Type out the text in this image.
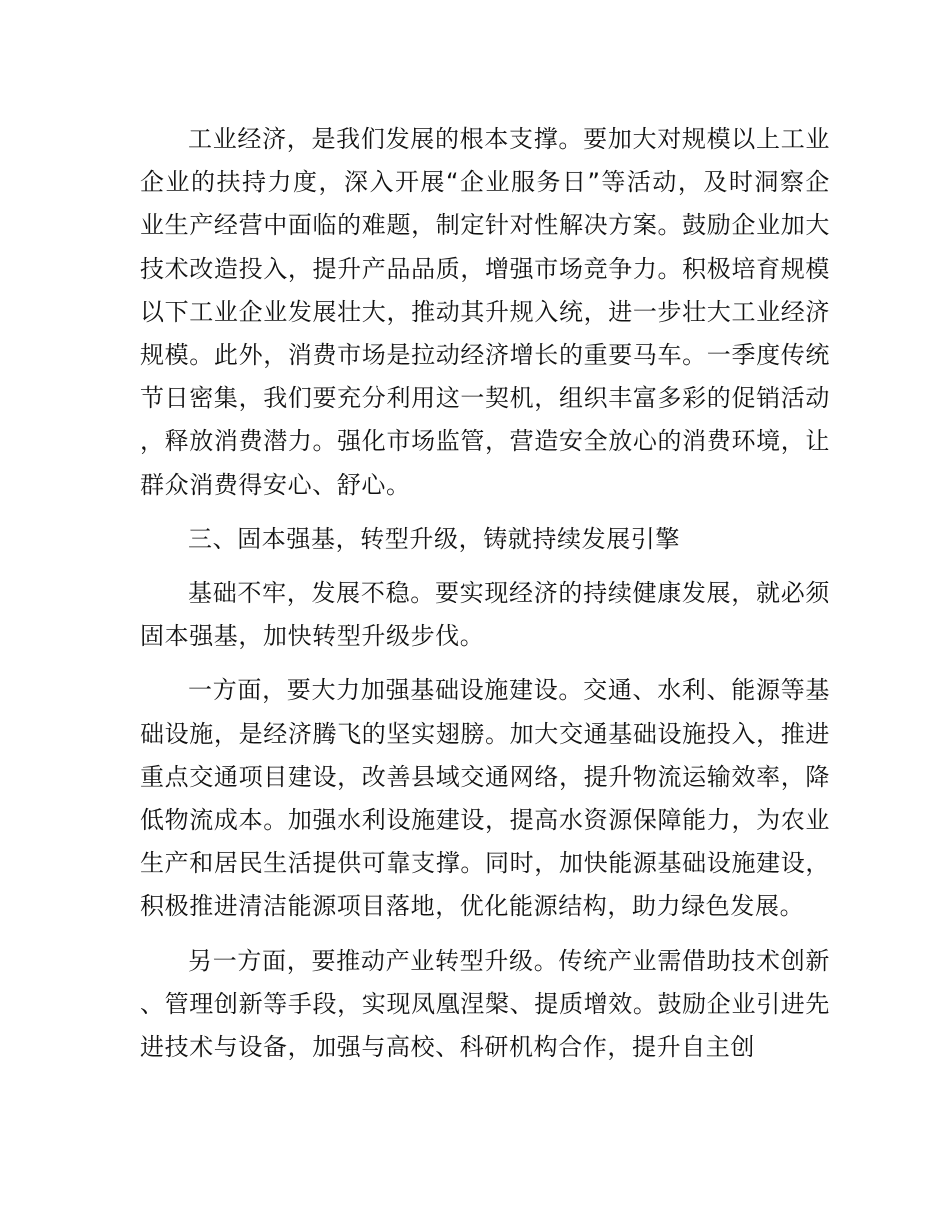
工业经济，是我们发展的根本支撑。要加大对规模以上工业企业的扶持力度，深入开展“企业服务日”等活动，及时洞察企业生产经营中面临的难题，制定针对性解决方案。鼓励企业加大技术改造投入，提升产品品质，增强市场竞争力。积极培育规模以下工业企业发展壮大，推动其升规入统，进一步壮大工业经济规模。此外，消费市场是拉动经济增长的重要马车。一季度传统节日密集，我们要充分利用这一契机，组织丰富多彩的促销活动，释放消费潜力。强化市场监管，营造安全放心的消费环境，让群众消费得安心、舒心。

三、固本强基，转型升级，铸就持续发展引擎

基础不牢，发展不稳。要实现经济的持续健康发展，就必须固本强基，加快转型升级步伐。

一方面，要大力加强基础设施建设。交通、水利、能源等基础设施，是经济腾飞的坚实翅膀。加大交通基础设施投入，推进重点交通项目建设，改善县域交通网络，提升物流运输效率，降低物流成本。加强水利设施建设，提高水资源保障能力，为农业生产和居民生活提供可靠支撑。同时，加快能源基础设施建设，积极推进清洁能源项目落地，优化能源结构，助力绿色发展。

另一方面，要推动产业转型升级。传统产业需借助技术创新、管理创新等手段，实现凤凰涅槃、提质增效。鼓励企业引进先进技术与设备，加强与高校、科研机构合作，提升自主创
